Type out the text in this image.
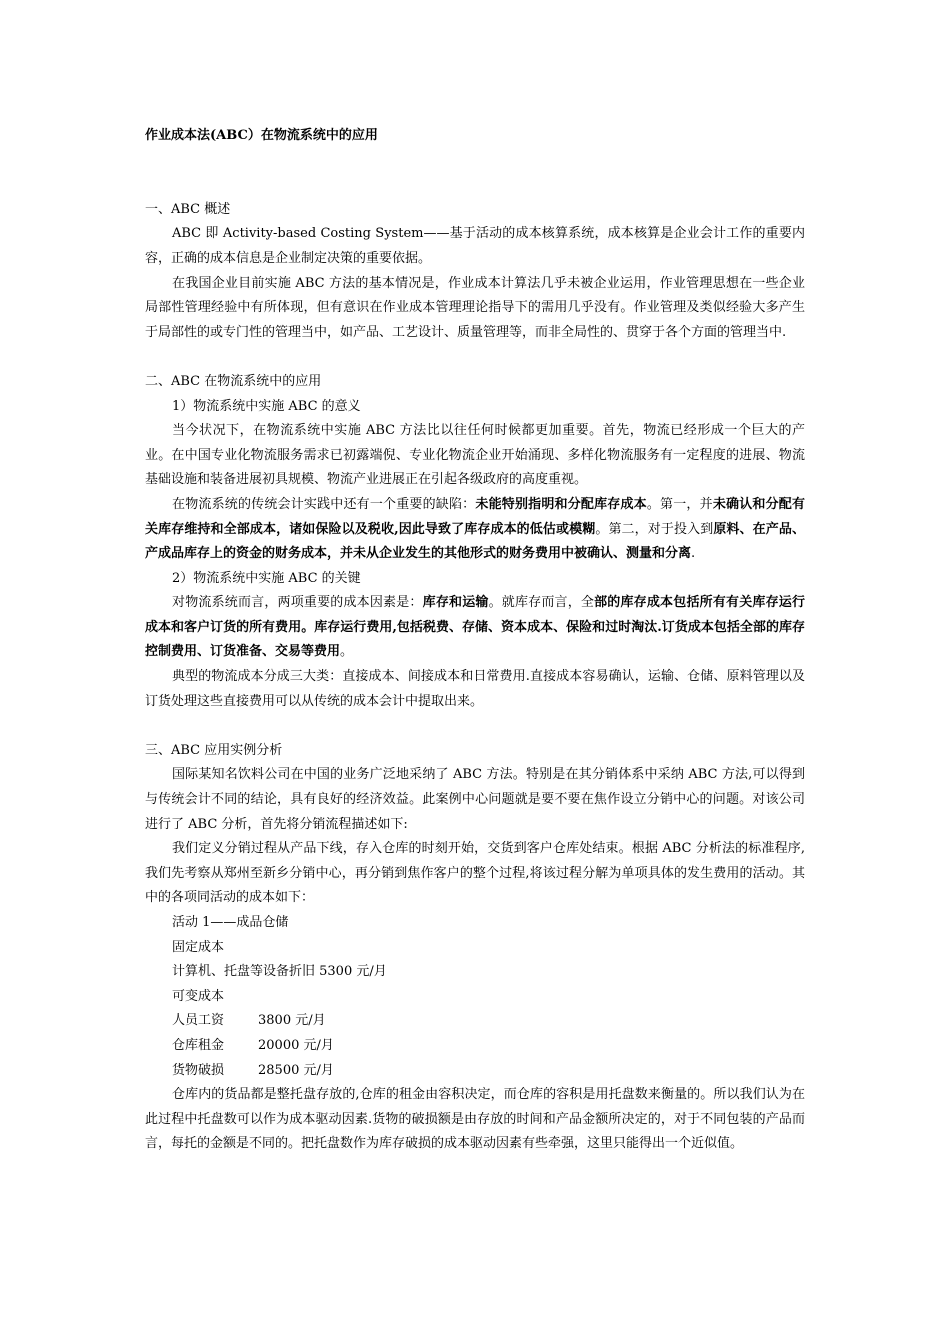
作业成本法(ABC）在物流系统中的应用

一、ABC 概述

ABC 即 Activity-based Costing System——基于活动的成本核算系统，成本核算是企业会计工作的重要内容，正确的成本信息是企业制定决策的重要依据。

在我国企业目前实施 ABC 方法的基本情况是，作业成本计算法几乎未被企业运用，作业管理思想在一些企业局部性管理经验中有所体现，但有意识在作业成本管理理论指导下的需用几乎没有。作业管理及类似经验大多产生于局部性的或专门性的管理当中，如产品、工艺设计、质量管理等，而非全局性的、贯穿于各个方面的管理当中.

二、ABC 在物流系统中的应用

1）物流系统中实施 ABC 的意义

当今状况下，在物流系统中实施 ABC 方法比以往任何时候都更加重要。首先，物流已经形成一个巨大的产业。在中国专业化物流服务需求已初露端倪、专业化物流企业开始涌现、多样化物流服务有一定程度的进展、物流基础设施和装备进展初具规模、物流产业进展正在引起各级政府的高度重视。

在物流系统的传统会计实践中还有一个重要的缺陷：未能特别指明和分配库存成本。第一，并未确认和分配有关库存维持和全部成本，诸如保险以及税收,因此导致了库存成本的低估或模糊。第二，对于投入到原料、在产品、产成品库存上的资金的财务成本，并未从企业发生的其他形式的财务费用中被确认、测量和分离.

2）物流系统中实施 ABC 的关键

对物流系统而言，两项重要的成本因素是：库存和运输。就库存而言，全部的库存成本包括所有有关库存运行成本和客户订货的所有费用。库存运行费用,包括税费、存储、资本成本、保险和过时淘汰.订货成本包括全部的库存控制费用、订货准备、交易等费用。

典型的物流成本分成三大类：直接成本、间接成本和日常费用.直接成本容易确认，运输、仓储、原料管理以及订货处理这些直接费用可以从传统的成本会计中提取出来。

三、ABC 应用实例分析

国际某知名饮料公司在中国的业务广泛地采纳了 ABC 方法。特别是在其分销体系中采纳 ABC 方法,可以得到与传统会计不同的结论，具有良好的经济效益。此案例中心问题就是要不要在焦作设立分销中心的问题。对该公司进行了 ABC 分析，首先将分销流程描述如下:

我们定义分销过程从产品下线，存入仓库的时刻开始，交货到客户仓库处结束。根据 ABC 分析法的标准程序,我们先考察从郑州至新乡分销中心，再分销到焦作客户的整个过程,将该过程分解为单项具体的发生费用的活动。其中的各项同活动的成本如下：

活动 1——成品仓储

固定成本

计算机、托盘等设备折旧 5300 元/月

可变成本

人员工资	3800 元/月

仓库租金	20000 元/月

货物破损	28500 元/月

仓库内的货品都是整托盘存放的,仓库的租金由容积决定，而仓库的容积是用托盘数来衡量的。所以我们认为在此过程中托盘数可以作为成本驱动因素.货物的破损额是由存放的时间和产品金额所决定的，对于不同包装的产品而言，每托的金额是不同的。把托盘数作为库存破损的成本驱动因素有些牵强，这里只能得出一个近似值。
